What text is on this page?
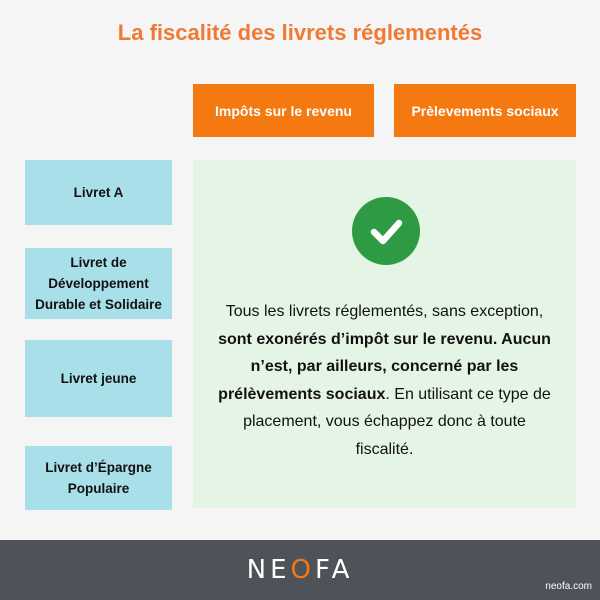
La fiscalité des livrets réglementés
Impôts sur le revenu	Prèlevements sociaux
Livret A
Livret de Développement Durable et Solidaire
Livret jeune
Livret d’Épargne Populaire

Tous les livrets réglementés, sans exception, sont exonérés d’impôt sur le revenu. Aucun n’est, par ailleurs, concerné par les prélèvements sociaux. En utilisant ce type de placement, vous échappez donc à toute fiscalité.

NE O FA
neofa.com
